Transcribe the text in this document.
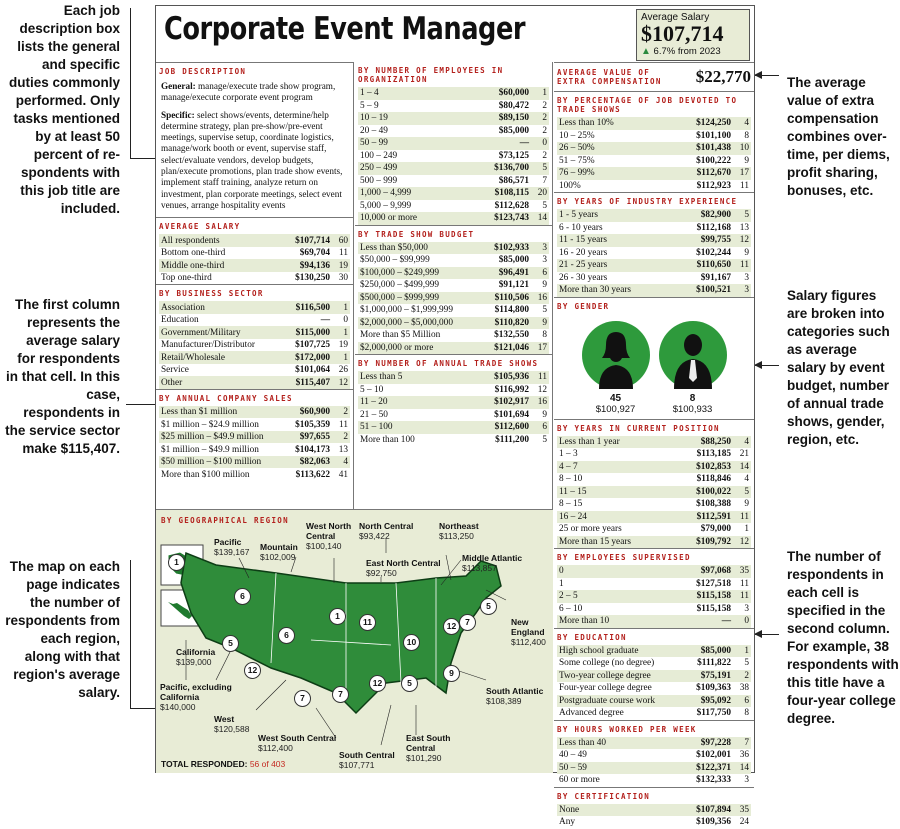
Each job description box lists the general and specific duties commonly performed. Only tasks mentioned by at least 50 percent of re-spondents with this job title are included.
The first column represents the average salary for respondents in that cell. In this case, respondents in the service sector make $115,407.
The map on each page indicates the number of respondents from each region, along with that region's average salary.
The average value of extra compensation combines over-time, per diems, profit sharing, bonuses, etc.
Salary figures are broken into categories such as average salary by event budget, number of annual trade shows, gender, region, etc.
The number of respondents in each cell is specified in the second column. For example, 38 respondents with this title have a four-year college degree.
Corporate Event Manager	Average Salary
$107,714
▲ 6.7% from 2023
JOB DESCRIPTION
General: manage/execute trade show program, manage/execute corporate event program
Specific: select shows/events, determine/help determine strategy, plan pre-show/pre-event meetings, supervise setup, coordinate logistics, manage/work booth or event, supervise staff, select/evaluate vendors, develop budgets, plan/execute promotions, plan trade show events, implement staff training, analyze return on investment, plan corporate meetings, select event venues, arrange hospitality events
AVERAGE SALARY
All respondents	$107,714	60
Bottom one-third	$69,704	11
Middle one-third	$94,136	19
Top one-third	$130,250	30
BY BUSINESS SECTOR
Association	$116,500	1
Education	—	0
Government/Military	$115,000	1
Manufacturer/Distributor	$107,725	19
Retail/Wholesale	$172,000	1
Service	$101,064	26
Other	$115,407	12
BY ANNUAL COMPANY SALES
Less than $1 million	$60,900	2
$1 million – $24.9 million	$105,359	11
$25 million – $49.9 million	$97,655	2
$1 million – $49.9 million	$104,173	13
$50 million – $100 million	$82,063	4
More than $100 million	$113,622	41
BY NUMBER OF EMPLOYEES IN ORGANIZATION
1 – 4	$60,000	1
5 – 9	$80,472	2
10 – 19	$89,150	2
20 – 49	$85,000	2
50 – 99	—	0
100 – 249	$73,125	2
250 – 499	$136,700	5
500 – 999	$86,571	7
1,000 – 4,999	$108,115	20
5,000 – 9,999	$112,628	5
10,000 or more	$123,743	14
BY TRADE SHOW BUDGET
Less than $50,000	$102,933	3
$50,000 – $99,999	$85,000	3
$100,000 – $249,999	$96,491	6
$250,000 – $499,999	$91,121	9
$500,000 – $999,999	$110,506	16
$1,000,000 – $1,999,999	$114,800	5
$2,000,000 – $5,000,000	$110,820	9
More than $5 Million	$132,550	8
$2,000,000 or more	$121,046	17
BY NUMBER OF ANNUAL TRADE SHOWS
Less than 5	$105,936	11
5 – 10	$116,992	12
11 – 20	$102,917	16
21 – 50	$101,694	9
51 – 100	$112,600	6
More than 100	$111,200	5
AVERAGE VALUE OF EXTRA COMPENSATION	$22,770
BY PERCENTAGE OF JOB DEVOTED TO TRADE SHOWS
Less than 10%	$124,250	4
10 – 25%	$101,100	8
26 – 50%	$101,438	10
51 – 75%	$100,222	9
76 – 99%	$112,670	17
100%	$112,923	11
BY YEARS OF INDUSTRY EXPERIENCE
1 - 5 years	$82,900	5
6 - 10 years	$112,168	13
11 - 15 years	$99,755	12
16 - 20 years	$102,244	9
21 - 25 years	$110,650	11
26 - 30 years	$91,167	3
More than 30 years	$100,521	3
BY GENDER
45
$100,927
8
$100,933
BY YEARS IN CURRENT POSITION
Less than 1 year	$88,250	4
1 – 3	$113,185	21
4 – 7	$102,853	14
8 – 10	$118,846	4
11 – 15	$100,022	5
8 – 15	$108,388	9
16 – 24	$112,591	11
25 or more years	$79,000	1
More than 15 years	$109,792	12
BY EMPLOYEES SUPERVISED
0	$97,068	35
1	$127,518	11
2 – 5	$115,158	11
6 – 10	$115,158	3
More than 10	—	0
BY EDUCATION
High school graduate	$85,000	1
Some college (no degree)	$111,822	5
Two-year college degree	$75,191	2
Four-year college degree	$109,363	38
Postgraduate course work	$95,092	6
Advanced degree	$117,750	8
BY HOURS WORKED PER WEEK
Less than 40	$97,228	7
40 – 49	$102,001	36
50 – 59	$122,371	14
60 or more	$132,333	3
BY CERTIFICATION
None	$107,894	35
Any	$109,356	24
BY GEOGRAPHICAL REGION
Pacific
$139,167 Mountain
$102,009
West North Central
$100,140
North Central
$93,422
Northeast
$113,250
East North Central
$92,750
Middle Atlantic
$113,857
New England
$112,400
California
$139,000
Pacific, excluding California
$140,000
West
$120,588
West South Central
$112,400
South Central
$107,771
East South Central
$101,290
South Atlantic
$108,389
1
6
6
5
12
1
11
10
12	7
5
7
12	5
9
7
TOTAL RESPONDED: 56 of 403
